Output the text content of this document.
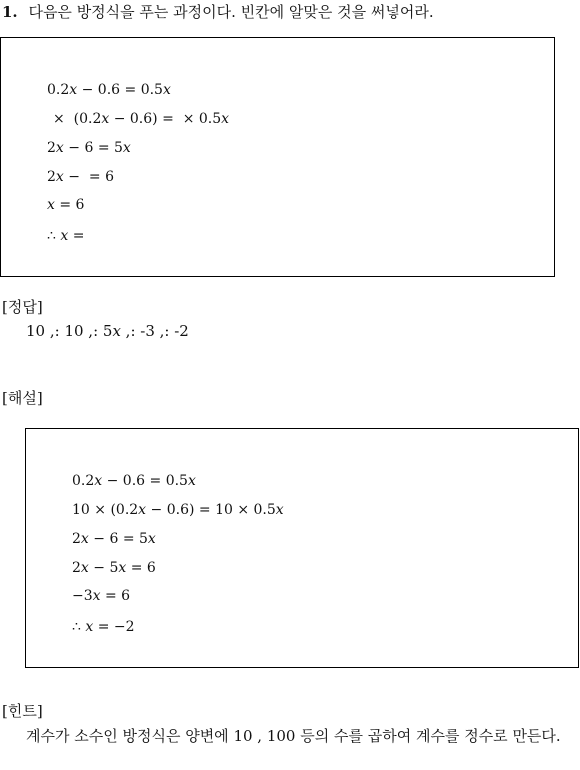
1. 다음은 방정식을 푸는 과정이다. 빈칸에 알맞은 것을 써넣어라.
0.2x − 0.6 = 0.5x
×  (0.2x − 0.6) =  × 0.5x
2x − 6 = 5x
2x −  = 6
x = 6
∴ x =
[정답]
10 ,: 10 ,: 5x ,: -3 ,: -2
[해설]
0.2x − 0.6 = 0.5x
10 × (0.2x − 0.6) = 10 × 0.5x
2x − 6 = 5x
2x − 5x = 6
−3x = 6
∴ x = −2
[힌트]
계수가 소수인 방정식은 양변에 10 , 100 등의 수를 곱하여 계수를 정수로 만든다.
